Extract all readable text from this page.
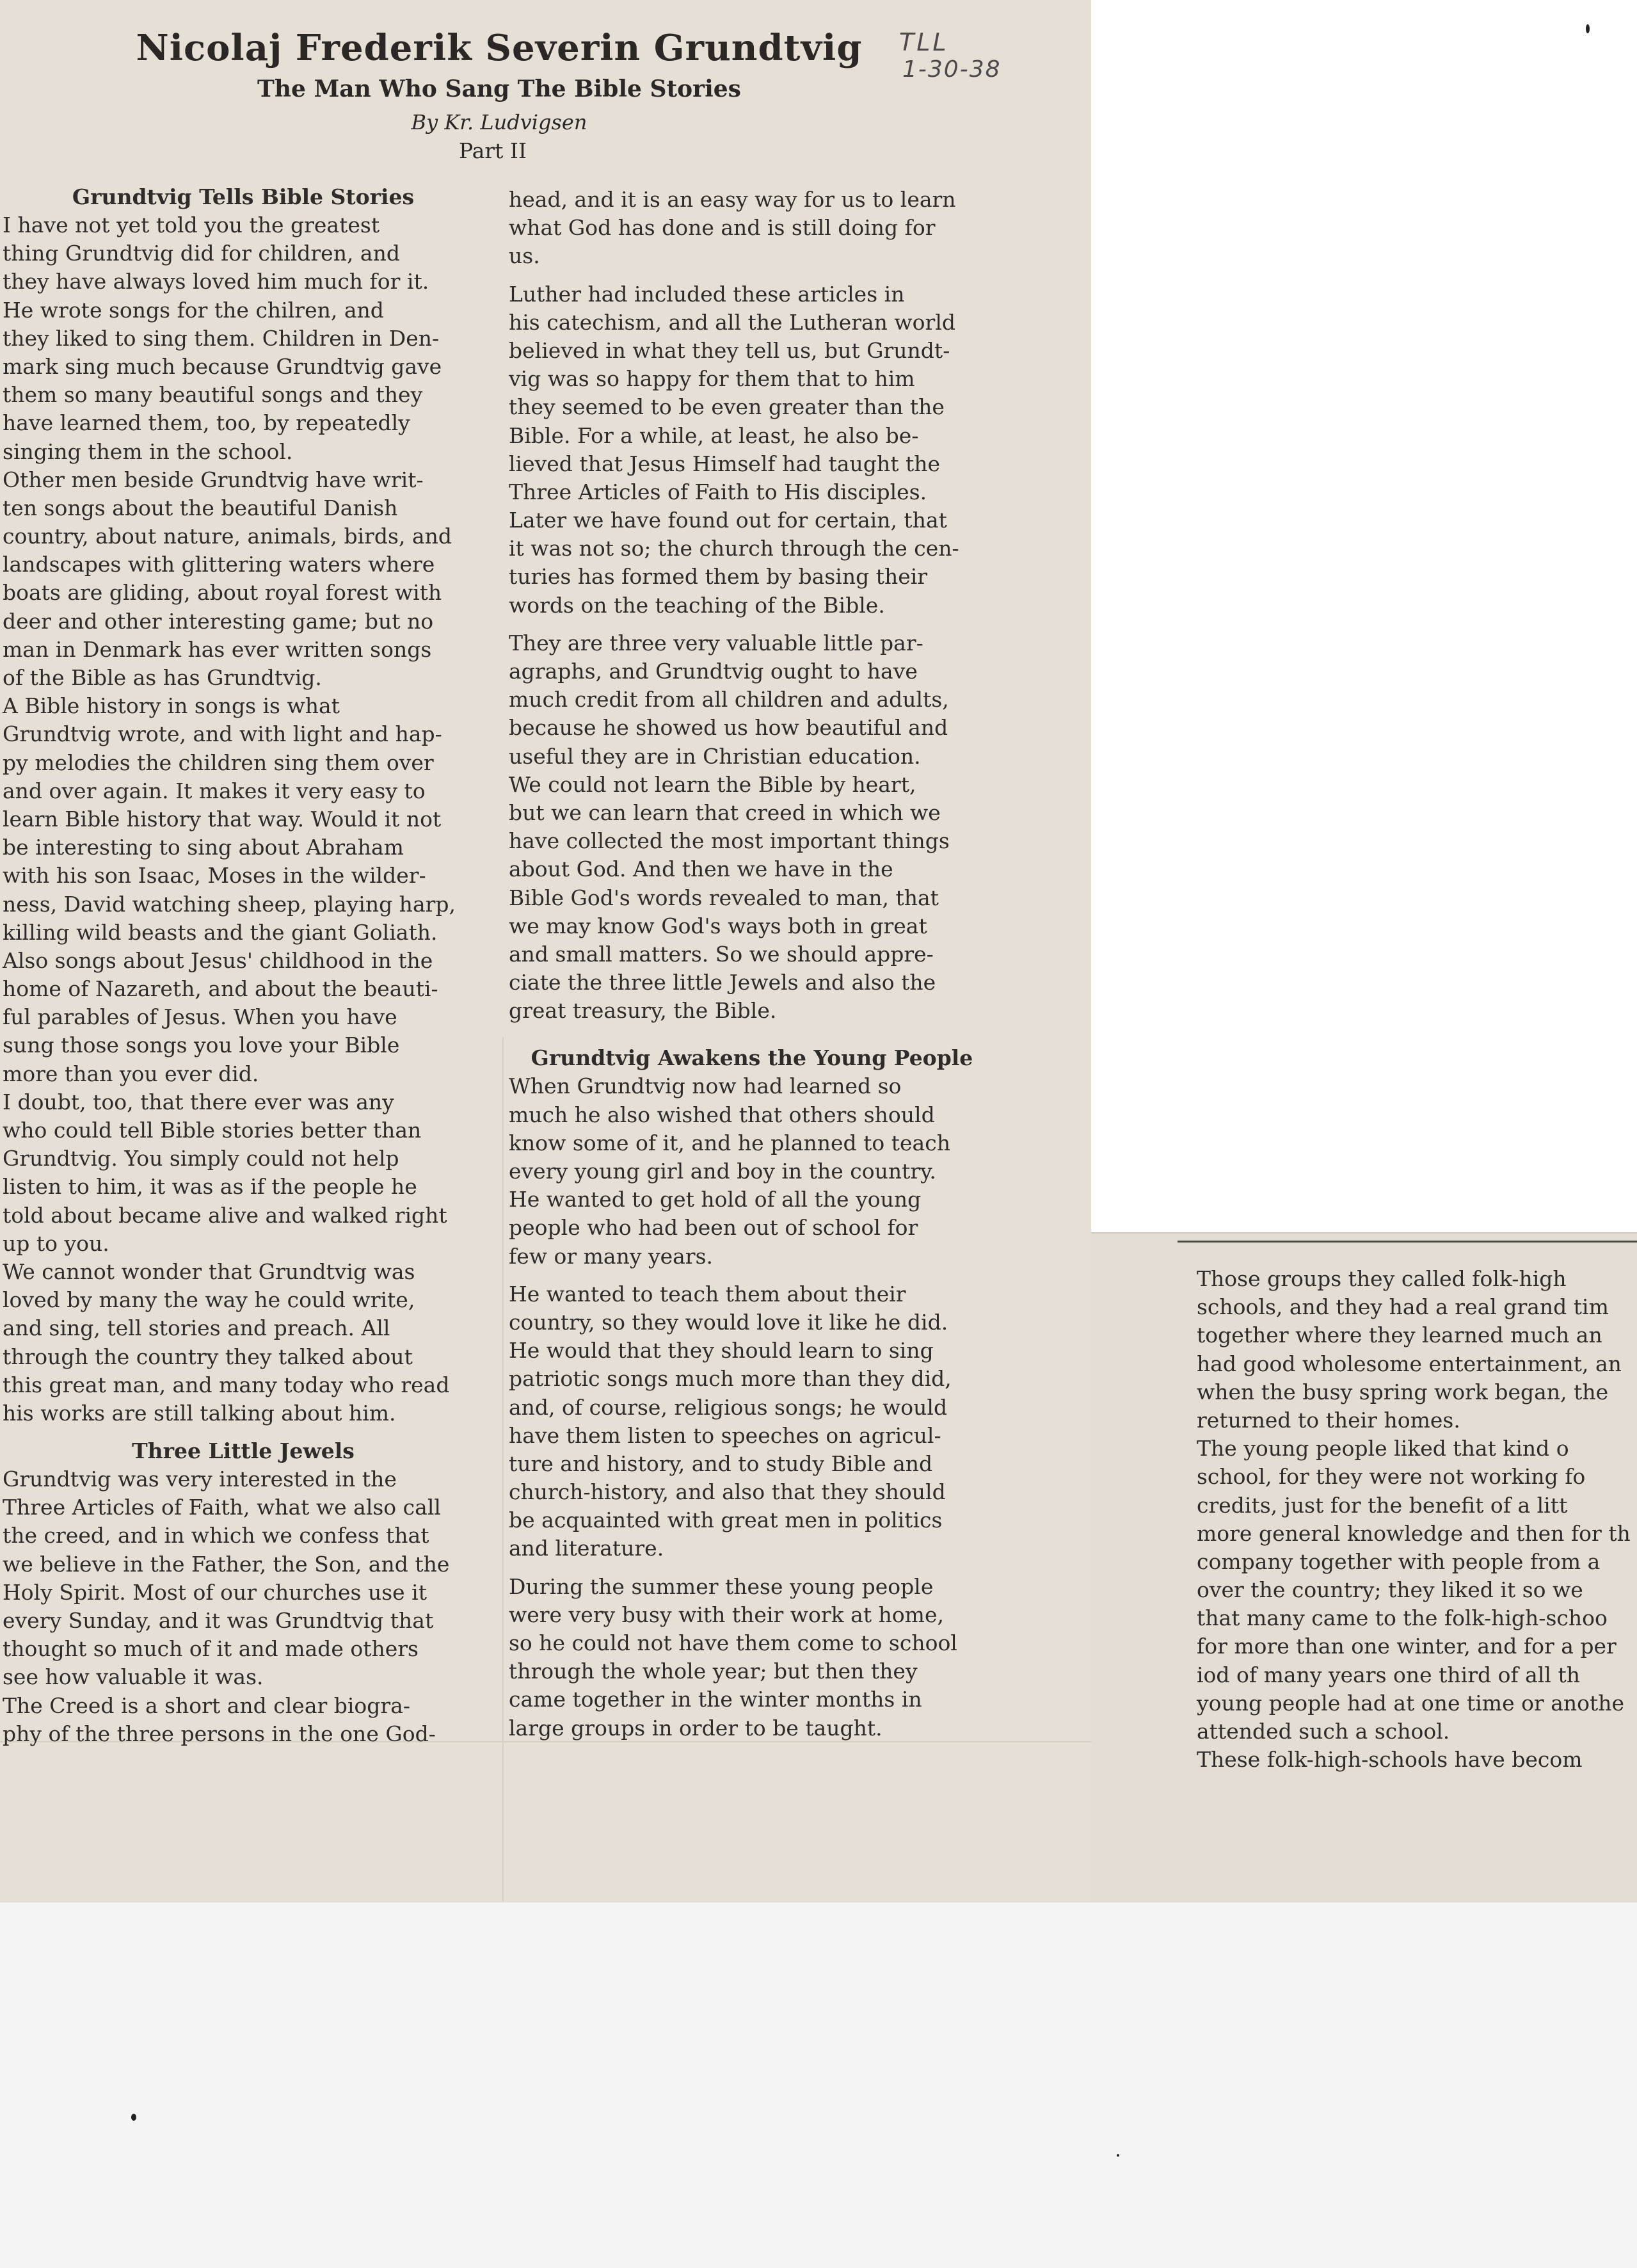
Nicolaj Frederik Severin Grundtvig
The Man Who Sang The Bible Stories
By Kr. Ludvigsen
Part II
TLL
1-30-38
Grundtvig Tells Bible Stories
I have not yet told you the greatest
thing Grundtvig did for children, and
they have always loved him much for it.
He wrote songs for the chilren, and
they liked to sing them. Children in Den-
mark sing much because Grundtvig gave
them so many beautiful songs and they
have learned them, too, by repeatedly
singing them in the school.
Other men beside Grundtvig have writ-
ten songs about the beautiful Danish
country, about nature, animals, birds, and
landscapes with glittering waters where
boats are gliding, about royal forest with
deer and other interesting game; but no
man in Denmark has ever written songs
of the Bible as has Grundtvig.
A Bible history in songs is what
Grundtvig wrote, and with light and hap-
py melodies the children sing them over
and over again. It makes it very easy to
learn Bible history that way. Would it not
be interesting to sing about Abraham
with his son Isaac, Moses in the wilder-
ness, David watching sheep, playing harp,
killing wild beasts and the giant Goliath.
Also songs about Jesus' childhood in the
home of Nazareth, and about the beauti-
ful parables of Jesus. When you have
sung those songs you love your Bible
more than you ever did.
I doubt, too, that there ever was any
who could tell Bible stories better than
Grundtvig. You simply could not help
listen to him, it was as if the people he
told about became alive and walked right
up to you.
We cannot wonder that Grundtvig was
loved by many the way he could write,
and sing, tell stories and preach. All
through the country they talked about
this great man, and many today who read
his works are still talking about him.
Three Little Jewels
Grundtvig was very interested in the
Three Articles of Faith, what we also call
the creed, and in which we confess that
we believe in the Father, the Son, and the
Holy Spirit. Most of our churches use it
every Sunday, and it was Grundtvig that
thought so much of it and made others
see how valuable it was.
The Creed is a short and clear biogra-
phy of the three persons in the one God-
head, and it is an easy way for us to learn
what God has done and is still doing for
us.
Luther had included these articles in
his catechism, and all the Lutheran world
believed in what they tell us, but Grundt-
vig was so happy for them that to him
they seemed to be even greater than the
Bible. For a while, at least, he also be-
lieved that Jesus Himself had taught the
Three Articles of Faith to His disciples.
Later we have found out for certain, that
it was not so; the church through the cen-
turies has formed them by basing their
words on the teaching of the Bible.
They are three very valuable little par-
agraphs, and Grundtvig ought to have
much credit from all children and adults,
because he showed us how beautiful and
useful they are in Christian education.
We could not learn the Bible by heart,
but we can learn that creed in which we
have collected the most important things
about God. And then we have in the
Bible God's words revealed to man, that
we may know God's ways both in great
and small matters. So we should appre-
ciate the three little Jewels and also the
great treasury, the Bible.
Grundtvig Awakens the Young People
When Grundtvig now had learned so
much he also wished that others should
know some of it, and he planned to teach
every young girl and boy in the country.
He wanted to get hold of all the young
people who had been out of school for
few or many years.
He wanted to teach them about their
country, so they would love it like he did.
He would that they should learn to sing
patriotic songs much more than they did,
and, of course, religious songs; he would
have them listen to speeches on agricul-
ture and history, and to study Bible and
church-history, and also that they should
be acquainted with great men in politics
and literature.
During the summer these young people
were very busy with their work at home,
so he could not have them come to school
through the whole year; but then they
came together in the winter months in
large groups in order to be taught.
Those groups they called folk-high
schools, and they had a real grand tim
together where they learned much an
had good wholesome entertainment, an
when the busy spring work began, the
returned to their homes.
The young people liked that kind o
school, for they were not working fo
credits, just for the benefit of a litt
more general knowledge and then for th
company together with people from a
over the country; they liked it so we
that many came to the folk-high-schoo
for more than one winter, and for a per
iod of many years one third of all th
young people had at one time or anothe
attended such a school.
These folk-high-schools have becom
